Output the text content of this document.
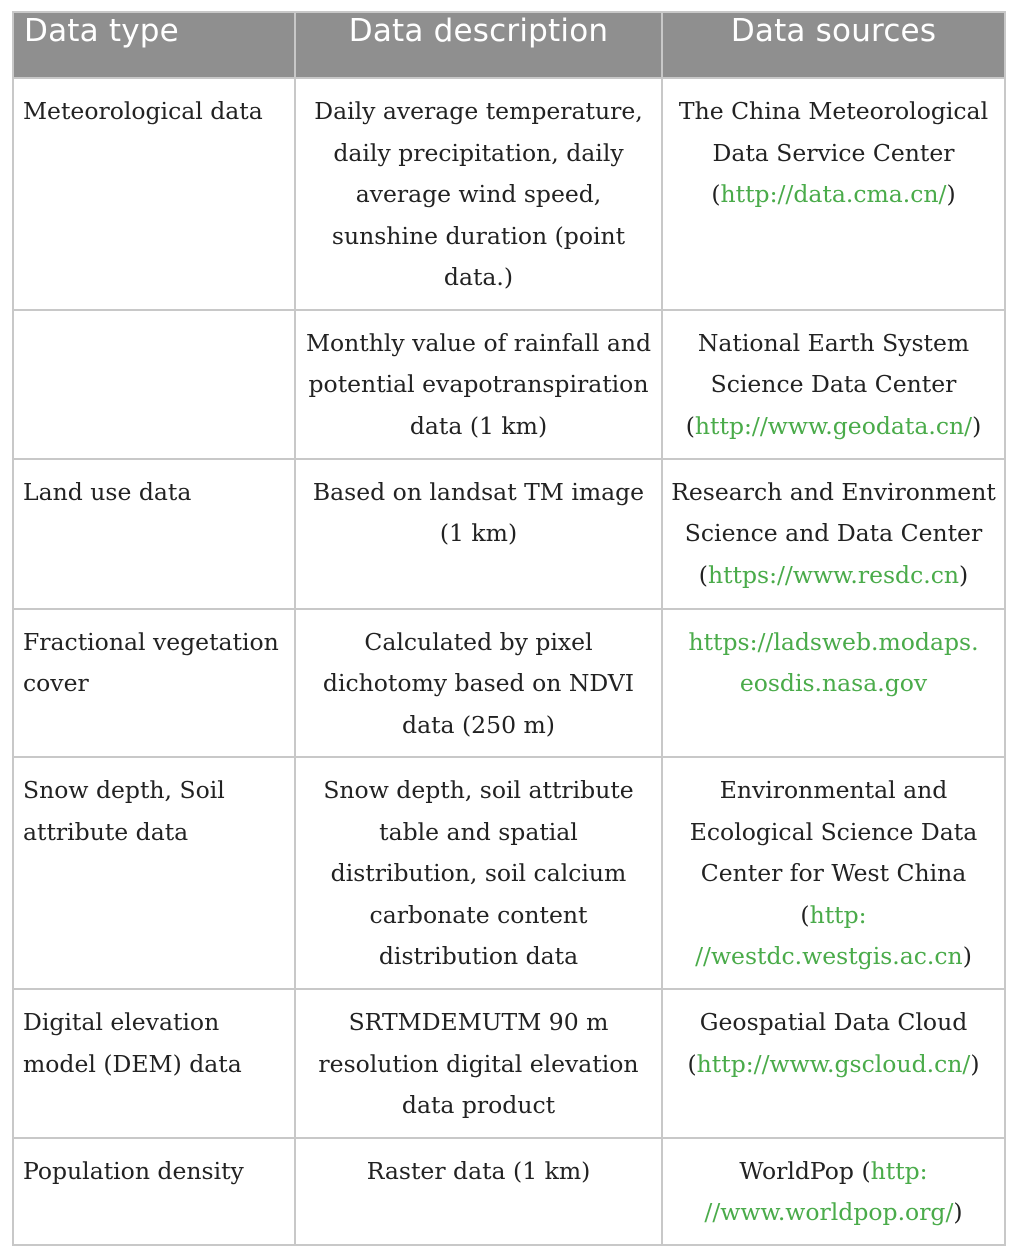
Data type	Data description	Data sources
Meteorological data	Daily average temperature, daily precipitation, daily average wind speed, sunshine duration (point data.)	The China Meteorological Data Service Center
(http://data.cma.cn/)
	Monthly value of rainfall and potential evapotranspiration data (1 km)	National Earth System Science Data Center
(http://www.geodata.cn/)
Land use data	Based on landsat TM image (1 km)	Research and Environment Science and Data Center
(https://www.resdc.cn)
Fractional vegetation cover	Calculated by pixel dichotomy based on NDVI data (250 m)	https://ladsweb.modaps.
eosdis.nasa.gov
Snow depth, Soil attribute data	Snow depth, soil attribute table and spatial distribution, soil calcium carbonate content distribution data	Environmental and Ecological Science Data Center for West China
(http:
//westdc.westgis.ac.cn)
Digital elevation model (DEM) data	SRTMDEMUTM 90 m resolution digital elevation data product	Geospatial Data Cloud
(http://www.gscloud.cn/)
Population density	Raster data (1 km)	WorldPop (http:
//www.worldpop.org/)
